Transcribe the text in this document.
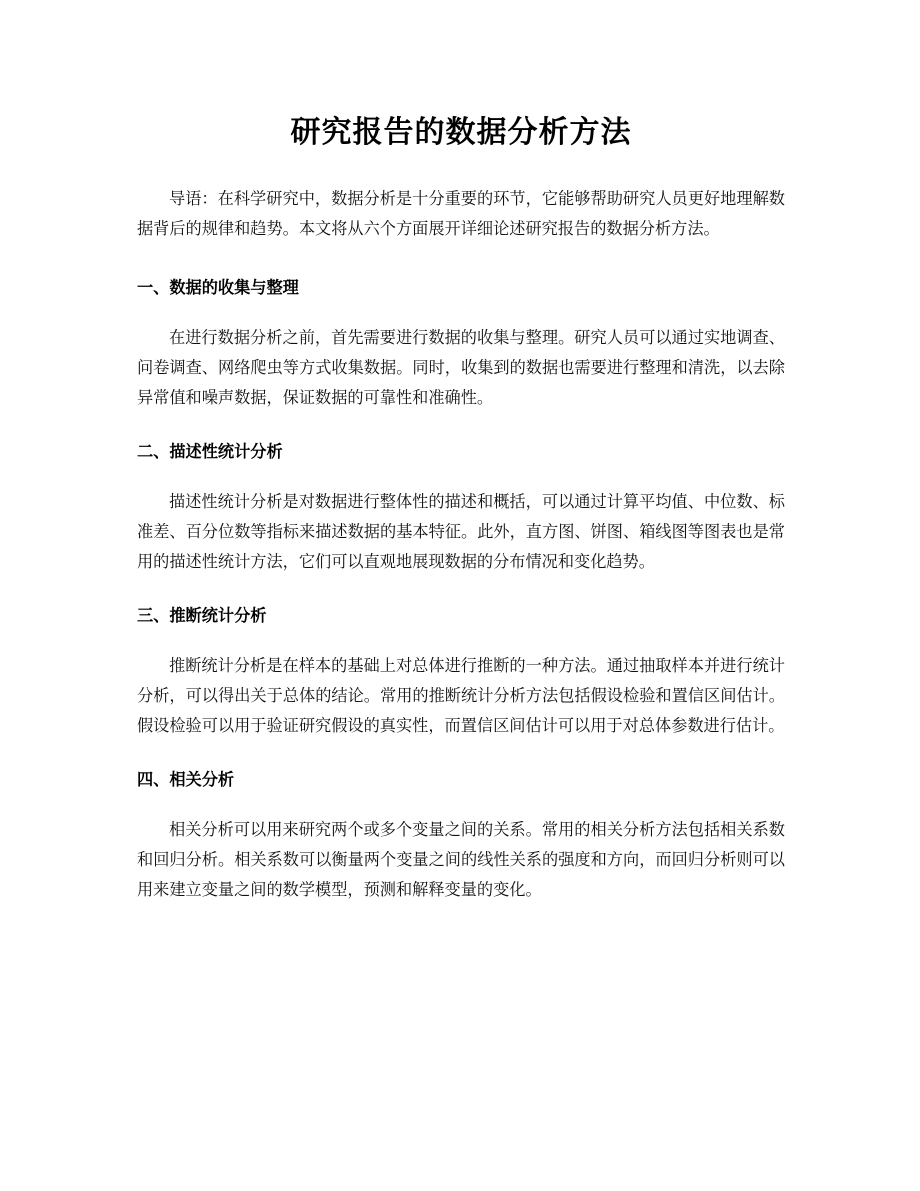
研究报告的数据分析方法

导语：在科学研究中，数据分析是十分重要的环节，它能够帮助研究人员更好地理解数据背后的规律和趋势。本文将从六个方面展开详细论述研究报告的数据分析方法。

一、数据的收集与整理

在进行数据分析之前，首先需要进行数据的收集与整理。研究人员可以通过实地调查、问卷调查、网络爬虫等方式收集数据。同时，收集到的数据也需要进行整理和清洗，以去除异常值和噪声数据，保证数据的可靠性和准确性。

二、描述性统计分析

描述性统计分析是对数据进行整体性的描述和概括，可以通过计算平均值、中位数、标准差、百分位数等指标来描述数据的基本特征。此外，直方图、饼图、箱线图等图表也是常用的描述性统计方法，它们可以直观地展现数据的分布情况和变化趋势。

三、推断统计分析

推断统计分析是在样本的基础上对总体进行推断的一种方法。通过抽取样本并进行统计分析，可以得出关于总体的结论。常用的推断统计分析方法包括假设检验和置信区间估计。假设检验可以用于验证研究假设的真实性，而置信区间估计可以用于对总体参数进行估计。

四、相关分析

相关分析可以用来研究两个或多个变量之间的关系。常用的相关分析方法包括相关系数和回归分析。相关系数可以衡量两个变量之间的线性关系的强度和方向，而回归分析则可以用来建立变量之间的数学模型，预测和解释变量的变化。
